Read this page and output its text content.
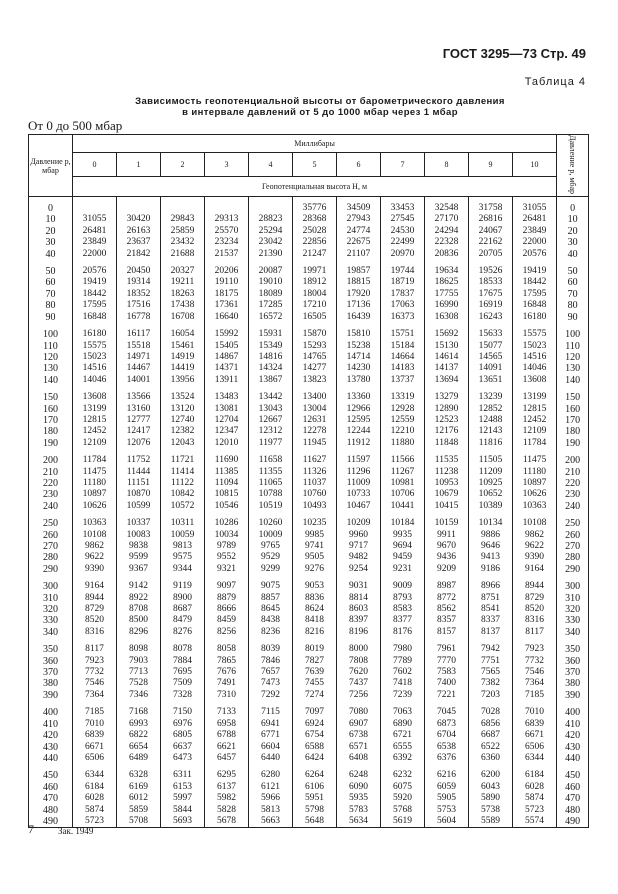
ГОСТ 3295—73 Стр. 49
Таблица 4
Зависимость геопотенциальной высоты от барометрического давления
в интервале давлений от 5 до 1000 мбар через 1 мбар
От 0 до 500 мбар
Давление p, мбар	Миллибары											Давление p, мбар
	0	1	2	3	4	5	6	7	8	9	10	
	Геопотенциальная высота H, м											

0						35776	34509	33453	32548	31758	31055	0
10	31055	30420	29843	29313	28823	28368	27943	27545	27170	26816	26481	10
20	26481	26163	25859	25570	25294	25028	24774	24530	24294	24067	23849	20
30	23849	23637	23432	23234	23042	22856	22675	22499	22328	22162	22000	30
40	22000	21842	21688	21537	21390	21247	21107	20970	20836	20705	20576	40

50	20576	20450	20327	20206	20087	19971	19857	19744	19634	19526	19419	50
60	19419	19314	19211	19110	19010	18912	18815	18719	18625	18533	18442	60
70	18442	18352	18263	18175	18089	18004	17920	17837	17755	17675	17595	70
80	17595	17516	17438	17361	17285	17210	17136	17063	16990	16919	16848	80
90	16848	16778	16708	16640	16572	16505	16439	16373	16308	16243	16180	90

100	16180	16117	16054	15992	15931	15870	15810	15751	15692	15633	15575	100
110	15575	15518	15461	15405	15349	15293	15238	15184	15130	15077	15023	110
120	15023	14971	14919	14867	14816	14765	14714	14664	14614	14565	14516	120
130	14516	14467	14419	14371	14324	14277	14230	14183	14137	14091	14046	130
140	14046	14001	13956	13911	13867	13823	13780	13737	13694	13651	13608	140

150	13608	13566	13524	13483	13442	13400	13360	13319	13279	13239	13199	150
160	13199	13160	13120	13081	13043	13004	12966	12928	12890	12852	12815	160
170	12815	12777	12740	12704	12667	12631	12595	12559	12523	12488	12452	170
180	12452	12417	12382	12347	12312	12278	12244	12210	12176	12143	12109	180
190	12109	12076	12043	12010	11977	11945	11912	11880	11848	11816	11784	190

200	11784	11752	11721	11690	11658	11627	11597	11566	11535	11505	11475	200
210	11475	11444	11414	11385	11355	11326	11296	11267	11238	11209	11180	210
220	11180	11151	11122	11094	11065	11037	11009	10981	10953	10925	10897	220
230	10897	10870	10842	10815	10788	10760	10733	10706	10679	10652	10626	230
240	10626	10599	10572	10546	10519	10493	10467	10441	10415	10389	10363	240

250	10363	10337	10311	10286	10260	10235	10209	10184	10159	10134	10108	250
260	10108	10083	10059	10034	10009	9985	9960	9935	9911	9886	9862	260
270	9862	9838	9813	9789	9765	9741	9717	9694	9670	9646	9622	270
280	9622	9599	9575	9552	9529	9505	9482	9459	9436	9413	9390	280
290	9390	9367	9344	9321	9299	9276	9254	9231	9209	9186	9164	290

300	9164	9142	9119	9097	9075	9053	9031	9009	8987	8966	8944	300
310	8944	8922	8900	8879	8857	8836	8814	8793	8772	8751	8729	310
320	8729	8708	8687	8666	8645	8624	8603	8583	8562	8541	8520	320
330	8520	8500	8479	8459	8438	8418	8397	8377	8357	8337	8316	330
340	8316	8296	8276	8256	8236	8216	8196	8176	8157	8137	8117	340

350	8117	8098	8078	8058	8039	8019	8000	7980	7961	7942	7923	350
360	7923	7903	7884	7865	7846	7827	7808	7789	7770	7751	7732	360
370	7732	7713	7695	7676	7657	7639	7620	7602	7583	7565	7546	370
380	7546	7528	7509	7491	7473	7455	7437	7418	7400	7382	7364	380
390	7364	7346	7328	7310	7292	7274	7256	7239	7221	7203	7185	390

400	7185	7168	7150	7133	7115	7097	7080	7063	7045	7028	7010	400
410	7010	6993	6976	6958	6941	6924	6907	6890	6873	6856	6839	410
420	6839	6822	6805	6788	6771	6754	6738	6721	6704	6687	6671	420
430	6671	6654	6637	6621	6604	6588	6571	6555	6538	6522	6506	430
440	6506	6489	6473	6457	6440	6424	6408	6392	6376	6360	6344	440

450	6344	6328	6311	6295	6280	6264	6248	6232	6216	6200	6184	450
460	6184	6169	6153	6137	6121	6106	6090	6075	6059	6043	6028	460
470	6028	6012	5997	5982	5966	5951	5935	5920	5905	5890	5874	470
480	5874	5859	5844	5828	5813	5798	5783	5768	5753	5738	5723	480
490	5723	5708	5693	5678	5663	5648	5634	5619	5604	5589	5574	490

7	Зак. 1949
